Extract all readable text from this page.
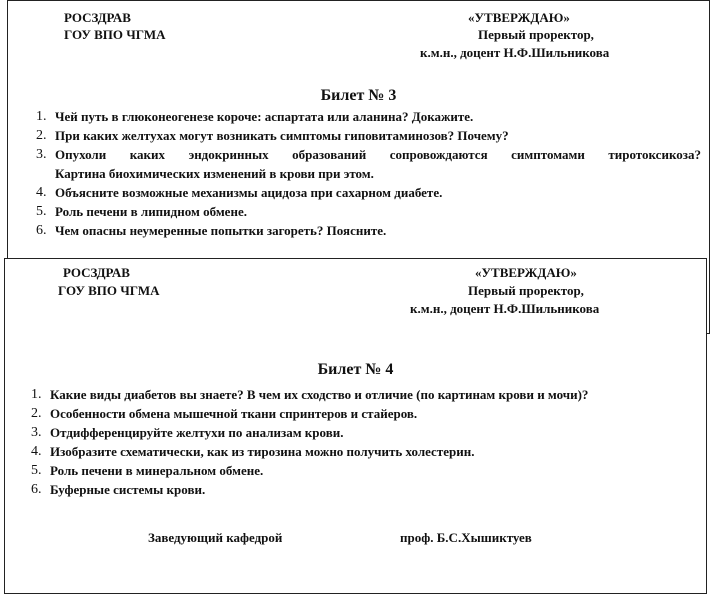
РОСЗДРАВ
ГОУ ВПО ЧГМА
«УТВЕРЖДАЮ»
Первый проректор,
к.м.н., доцент Н.Ф.Шильникова
Билет № 3
1. Чей путь в глюконеогенезе короче: аспартата или аланина? Докажите.
2. При каких желтухах могут возникать симптомы гиповитаминозов? Почему?
3. Опухоли каких эндокринных образований сопровождаются симптомами тиротоксикоза?
Картина биохимических изменений в крови при этом.
4. Объясните возможные механизмы ацидоза при сахарном диабете.
5. Роль печени в липидном обмене.
6. Чем опасны неумеренные попытки загореть? Поясните.
РОСЗДРАВ
ГОУ ВПО ЧГМА
«УТВЕРЖДАЮ»
Первый проректор,
к.м.н., доцент Н.Ф.Шильникова
Билет № 4
1. Какие виды диабетов вы знаете? В чем их сходство и отличие (по картинам крови и мочи)?
2. Особенности обмена мышечной ткани спринтеров и стайеров.
3. Отдифференцируйте желтухи по анализам крови.
4. Изобразите схематически, как из тирозина можно получить холестерин.
5. Роль печени в минеральном обмене.
6. Буферные системы крови.
Заведующий кафедрой	проф. Б.С.Хышиктуев
